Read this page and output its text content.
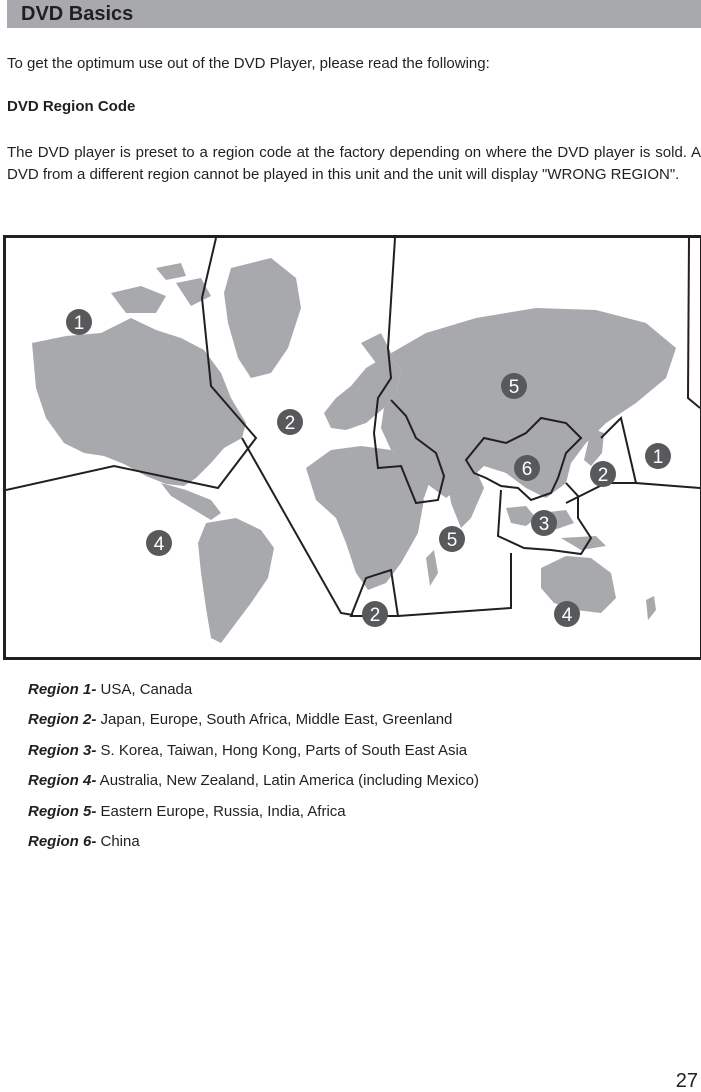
DVD Basics
To get the optimum use out of the DVD Player, please read the following:
DVD Region Code
The DVD player is preset to a region code at the factory depending on where the DVD player is sold. A DVD from a different region cannot be played in this unit and the unit will display "WRONG REGION".
1
2
5
1
2
6
3
5
4
2	4
Region 1- USA, Canada
Region 2- Japan, Europe, South Africa, Middle East, Greenland
Region 3- S. Korea, Taiwan, Hong Kong, Parts of South East Asia
Region 4- Australia, New Zealand, Latin America (including Mexico)
Region 5- Eastern Europe, Russia, India, Africa
Region 6- China
27
